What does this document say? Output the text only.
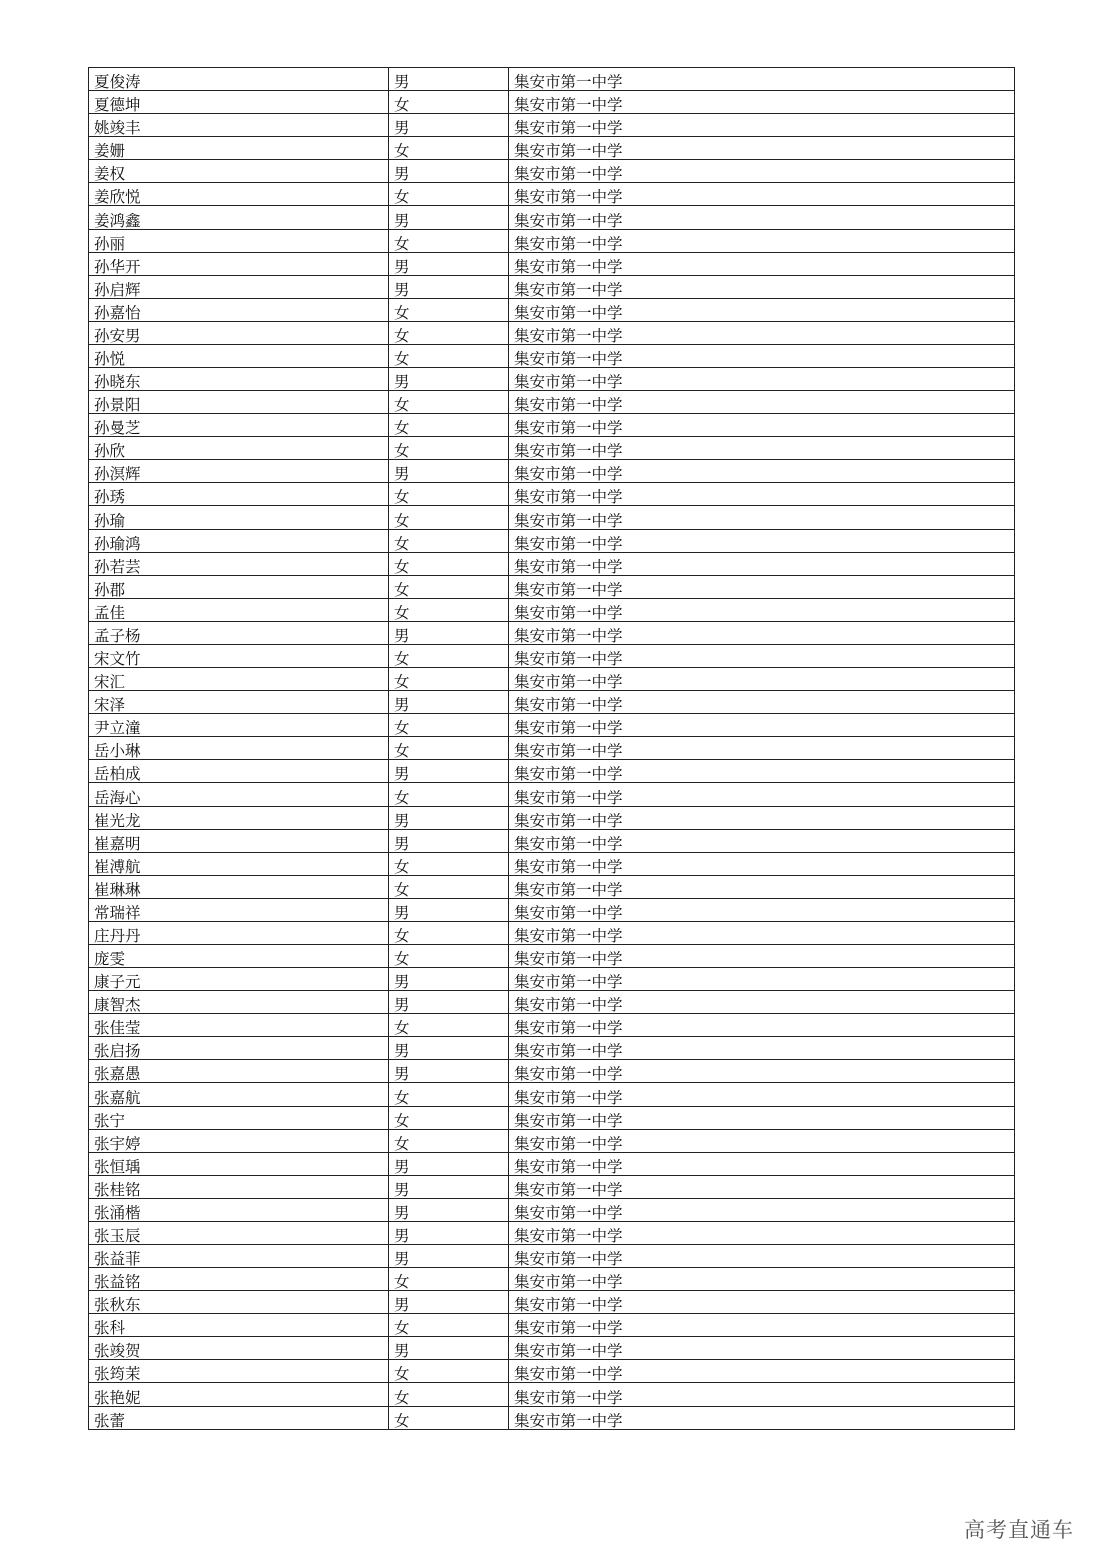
夏俊涛	男	集安市第一中学
夏德坤	女	集安市第一中学
姚竣丰	男	集安市第一中学
姜姗	女	集安市第一中学
姜权	男	集安市第一中学
姜欣悦	女	集安市第一中学
姜鸿鑫	男	集安市第一中学
孙丽	女	集安市第一中学
孙华开	男	集安市第一中学
孙启辉	男	集安市第一中学
孙嘉怡	女	集安市第一中学
孙安男	女	集安市第一中学
孙悦	女	集安市第一中学
孙晓东	男	集安市第一中学
孙景阳	女	集安市第一中学
孙曼芝	女	集安市第一中学
孙欣	女	集安市第一中学
孙溟辉	男	集安市第一中学
孙琇	女	集安市第一中学
孙瑜	女	集安市第一中学
孙瑜鸿	女	集安市第一中学
孙若芸	女	集安市第一中学
孙郡	女	集安市第一中学
孟佳	女	集安市第一中学
孟子杨	男	集安市第一中学
宋文竹	女	集安市第一中学
宋汇	女	集安市第一中学
宋泽	男	集安市第一中学
尹立潼	女	集安市第一中学
岳小琳	女	集安市第一中学
岳柏成	男	集安市第一中学
岳海心	女	集安市第一中学
崔光龙	男	集安市第一中学
崔嘉明	男	集安市第一中学
崔溥航	女	集安市第一中学
崔琳琳	女	集安市第一中学
常瑞祥	男	集安市第一中学
庄丹丹	女	集安市第一中学
庞雯	女	集安市第一中学
康子元	男	集安市第一中学
康智杰	男	集安市第一中学
张佳莹	女	集安市第一中学
张启扬	男	集安市第一中学
张嘉愚	男	集安市第一中学
张嘉航	女	集安市第一中学
张宁	女	集安市第一中学
张宇婷	女	集安市第一中学
张恒瑀	男	集安市第一中学
张桂铭	男	集安市第一中学
张涌楷	男	集安市第一中学
张玉辰	男	集安市第一中学
张益菲	男	集安市第一中学
张益铭	女	集安市第一中学
张秋东	男	集安市第一中学
张科	女	集安市第一中学
张竣贺	男	集安市第一中学
张筠茉	女	集安市第一中学
张艳妮	女	集安市第一中学
张蕾	女	集安市第一中学
高考直通车
